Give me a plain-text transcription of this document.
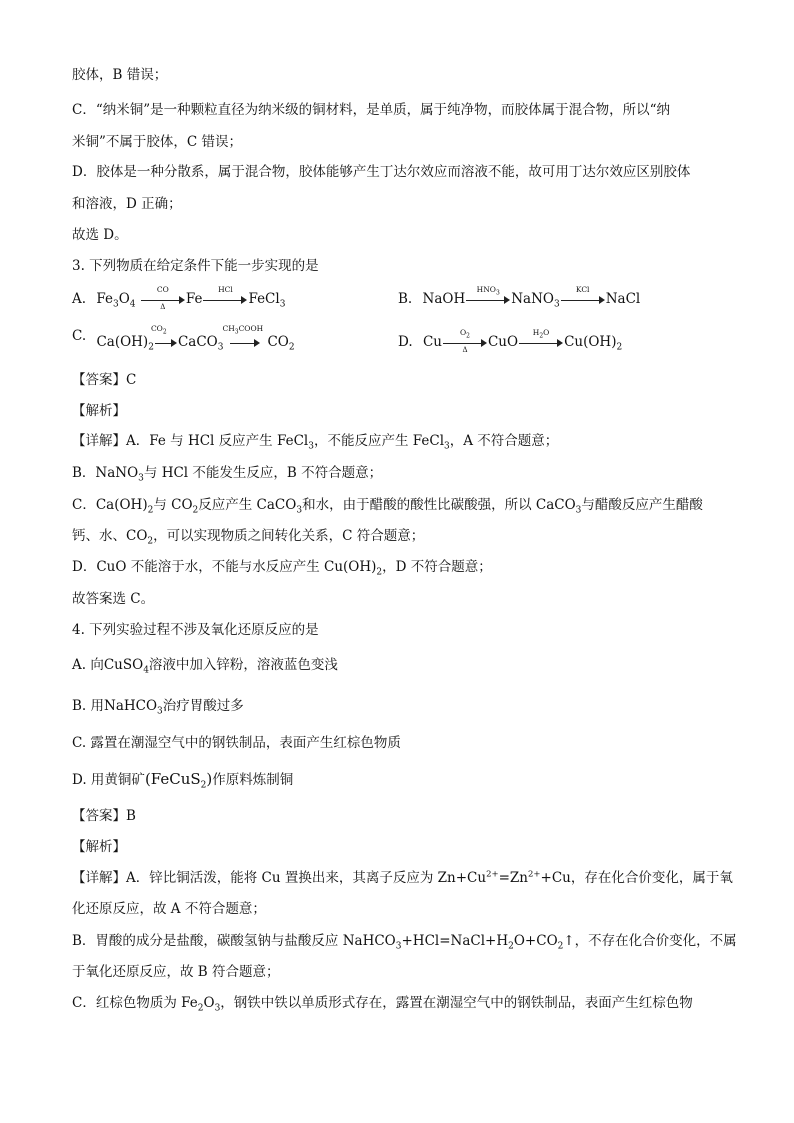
胶体，B 错误；
C．“纳米铜”是一种颗粒直径为纳米级的铜材料，是单质，属于纯净物，而胶体属于混合物，所以“纳
米铜”不属于胶体，C 错误；
D．胶体是一种分散系，属于混合物，胶体能够产生丁达尔效应而溶液不能，故可用丁达尔效应区别胶体
和溶液，D 正确；
故选 D。
3. 下列物质在给定条件下能一步实现的是
A. $Fe_3O_4 \frac{CO}{\Delta}$ Fe
HCl
FeCl$_3$	B. NaOH
$HNO_3$ NaNO$_3$
KCl
NaCl
C. $Ca(OH)_2$
$CO_2$
CaCO$_3$
$CH_3COOH$
$CO_2$	D. Cu $\frac{O_2}{\Delta}$ CuO
$H_2O$
$Cu(OH)_2$
【答案】C
【解析】
【详解】A．Fe 与 HCl 反应产生 FeCl$_3$，不能反应产生 FeCl$_3$，A 不符合题意；
B．NaNO$_3$与 HCl 不能发生反应，B 不符合题意；
C．$Ca(OH)_2$与 $CO_2$反应产生 CaCO$_3$和水，由于醋酸的酸性比碳酸强，所以 CaCO$_3$与醋酸反应产生醋酸
钙、水、$CO_2$，可以实现物质之间转化关系，C 符合题意；
D．CuO 不能溶于水，不能与水反应产生 $Cu(OH)_2$，D 不符合题意；
故答案选 C。
4. 下列实验过程不涉及氧化还原反应的是
A. 向CuSO$_4$溶液中加入锌粉，溶液蓝色变浅
B. 用NaHCO$_3$治疗胃酸过多
C. 露置在潮湿空气中的钢铁制品，表面产生红棕色物质
D. 用黄铜矿(FeCuS$_2$)作原料炼制铜
【答案】B
【解析】
【详解】A．锌比铜活泼，能将 Cu 置换出来，其离子反应为 $Zn+Cu^{2+}=Zn^{2+}+Cu$，存在化合价变化，属于氧
化还原反应，故 A 不符合题意；
B．胃酸的成分是盐酸，碳酸氢钠与盐酸反应 $NaHCO_3+HCl=NaCl+H_2O+CO_2↑$，不存在化合价变化，不属
于氧化还原反应，故 B 符合题意；
C．红棕色物质为 $Fe_2O_3$，钢铁中铁以单质形式存在，露置在潮湿空气中的钢铁制品，表面产生红棕色物
